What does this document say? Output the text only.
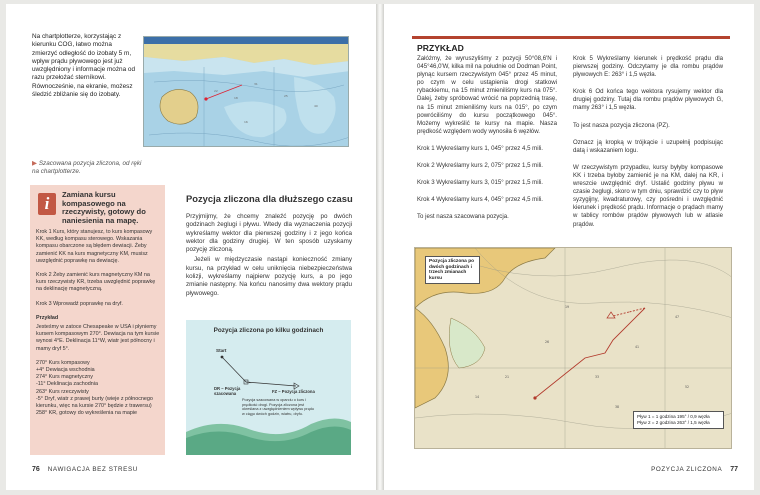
Na chartplotterze, korzystając z kierunku COG, łatwo można zmierzyć odległość do izobaty 5 m, wpływ prądu pływowego jest już uwzględniony i informacje można od razu przełożać sterníkowi. Równocześnie, na ekranie, możesz śledzić zbliżanie się do izobaty.
22
18
31
25
40
16
▶ Szacowana pozycja zliczona, od ręki na chartplotterze.
i	Zamiana kursu kompasowego na rzeczywisty, gotowy do naniesienia na mapę.
Krok 1 Kurs, który stanujesz, to kurs kompasowy KK, według kompasu sterowego. Wskazania kompasu obarczone są błędem dewiacji. Żeby zamienić KK na kurs magnetyczny KM, musisz uwzględnić poprawkę na dewiację.
Krok 2 Żeby zamienić kurs magnetyczny KM na kurs rzeczywisty KR, trzeba uwzględnić poprawkę na deklinację magnetyczną.
Krok 3 Wprowadź poprawkę na dryf.
Przykład
Jesteśmy w zatoce Chesapeake w USA i płyniemy kursem kompasowym 270°. Dewiacja na tym kursie wynosi 4°E. Deklinacja 11°W, wiatr jest północny i mamy dryf 5°.
270° Kurs kompasowy
+4° Dewiacja wschodnia
274° Kurs magnetyczny
-11° Deklinacja zachodnia
263° Kurs rzeczywisty
-5° Dryf, wiatr z prawej burty (wieje z północnego kierunku, więc na kursie 270° będzie z trawersu)
258° KR, gotowy do wykreślenia na mapie
Pozycja zliczona dla dłuższego czasu

Przyjmijmy, że chcemy znaleźć pozycję po dwóch godzinach żeglugi i pływu. Wtedy dla wyznaczenia pozycji wykreślamy wektor dla pierwszej godziny i z jego końca wektor dla godziny drugiej. W ten sposób uzyskamy pozycję zliczoną.

Jeżeli w międzyczasie nastąpi konieczność zmiany kursu, na przykład w celu uniknięcia niebezpieczeństwa kolizji, wykreślamy najpierw pozycję kurs, a po jego zmianie następny. Na końcu nanosimy dwa wektory prądu pływowego.

Pozycja zliczona po kilku godzinach
Start
DR – Pozycja szacowana	FZ – Pozycja zliczona
Pozycja szacowana w oparciu o kurs i prędkość drogi. Pozycja zliczona jest określana z uwzględnieniem wpływu prądu w ciągu dwóch godzin, wiatru, dryfu.
76 NAWIGACJA BEZ STRESU
PRZYKŁAD

Załóżmy, że wyruszyliśmy z pozycji 50°08,6'N i 045°46,0'W, kilka mil na południe od Dodman Point, płynąc kursem rzeczywistym 045° przez 45 minut, po czym w celu ustąpienia drogi statkowi rybackiemu, na 15 minut zmieniliśmy kurs na 075°. Dalej, żeby spróbować wrócić na poprzednią trasę, na 15 minut zmieniliśmy kurs na 015°, po czym powróciliśmy do kursu początkowego 045°. Możemy wykreślić te kursy na mapie. Nasza prędkość względem wody wynosiła 6 węzłów.

Krok 1 Wykreślamy kurs 1, 045° przez 4,5 mili.

Krok 2 Wykreślamy kurs 2, 075° przez 1,5 mili.

Krok 3 Wykreślamy kurs 3, 015° przez 1,5 mili.

Krok 4 Wykreślamy kurs 4, 045° przez 4,5 mili.

To jest nasza szacowana pozycja.

Krok 5 Wykreślamy kierunek i prędkość prądu dla pierwszej godziny. Odczytamy je dla rombu prądów pływowych E: 263° i 1,5 węzła.

Krok 6 Od końca tego wektora rysujemy wektor dla drugiej godziny. Tutaj dla rombu prądów pływowych G, mamy 263° i 1,5 węzła.

To jest nasza pozycja zliczona (PZ).

Oznacz ją kropką w trójkącie i uzupełnij podpisując datą i wskazaniem logu.

W rzeczywistym przypadku, kursy byłyby kompasowe KK i trzeba byłoby zamienić je na KM, dalej na KR, i wreszcie uwzględnić dryf. Ustalić godziny pływu w czasie żeglugi, skoro w tym dniu, sprawdzić czy to pływ syzygijny, kwadraturowy, czy pośredni i uwzględnić kierunek i prędkość prądu. Informacje o prądach mamy w tablicy rombów prądów pływowych lub w atlasie prądów.

21
26
33
41
47
52
19
14
38
Pozycja zliczona po dwóch godzinach i trzech zmianach kursu
Pływ 1 = 1 godzina 195° / 0,9 węzła
Pływ 2 = 2 godzina 263° / 1,5 węzła
POZYCJA ZLICZONA 77
